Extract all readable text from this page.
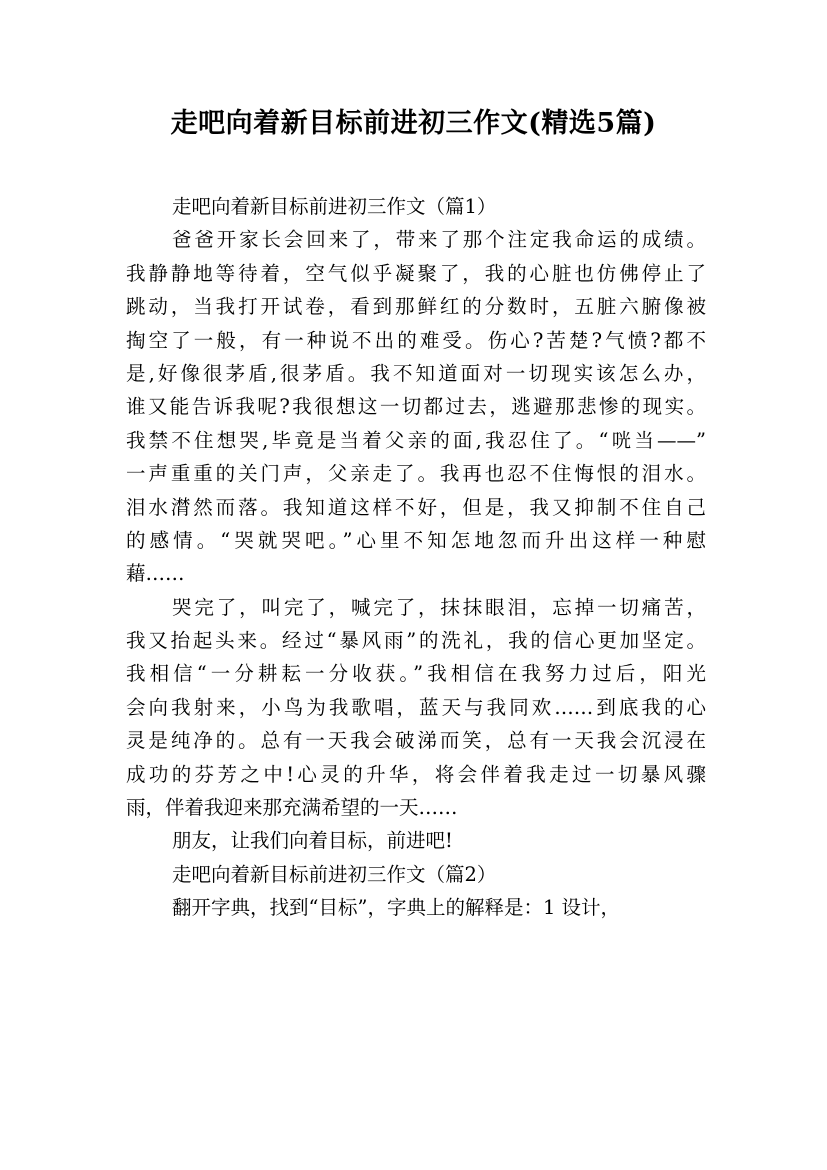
走吧向着新目标前进初三作文(精选5篇)
走吧向着新目标前进初三作文（篇1）
爸爸开家长会回来了，带来了那个注定我命运的成绩。
我静静地等待着，空气似乎凝聚了，我的心脏也仿佛停止了
跳动，当我打开试卷，看到那鲜红的分数时，五脏六腑像被
掏空了一般，有一种说不出的难受。伤心?苦楚?气愤?都不
是,好像很茅盾,很茅盾。我不知道面对一切现实该怎么办，
谁又能告诉我呢?我很想这一切都过去，逃避那悲惨的现实。
我禁不住想哭,毕竟是当着父亲的面,我忍住了。“咣当——”
一声重重的关门声，父亲走了。我再也忍不住悔恨的泪水。
泪水潸然而落。我知道这样不好，但是，我又抑制不住自己
的感情。“哭就哭吧。”心里不知怎地忽而升出这样一种慰
藉……
哭完了，叫完了，喊完了，抹抹眼泪，忘掉一切痛苦，
我又抬起头来。经过“暴风雨”的洗礼，我的信心更加坚定。
我相信“一分耕耘一分收获。”我相信在我努力过后，阳光
会向我射来，小鸟为我歌唱，蓝天与我同欢……到底我的心
灵是纯净的。总有一天我会破涕而笑，总有一天我会沉浸在
成功的芬芳之中!心灵的升华，将会伴着我走过一切暴风骤
雨，伴着我迎来那充满希望的一天……
朋友，让我们向着目标，前进吧!
走吧向着新目标前进初三作文（篇2）
翻开字典，找到“目标”，字典上的解释是：1 设计，
